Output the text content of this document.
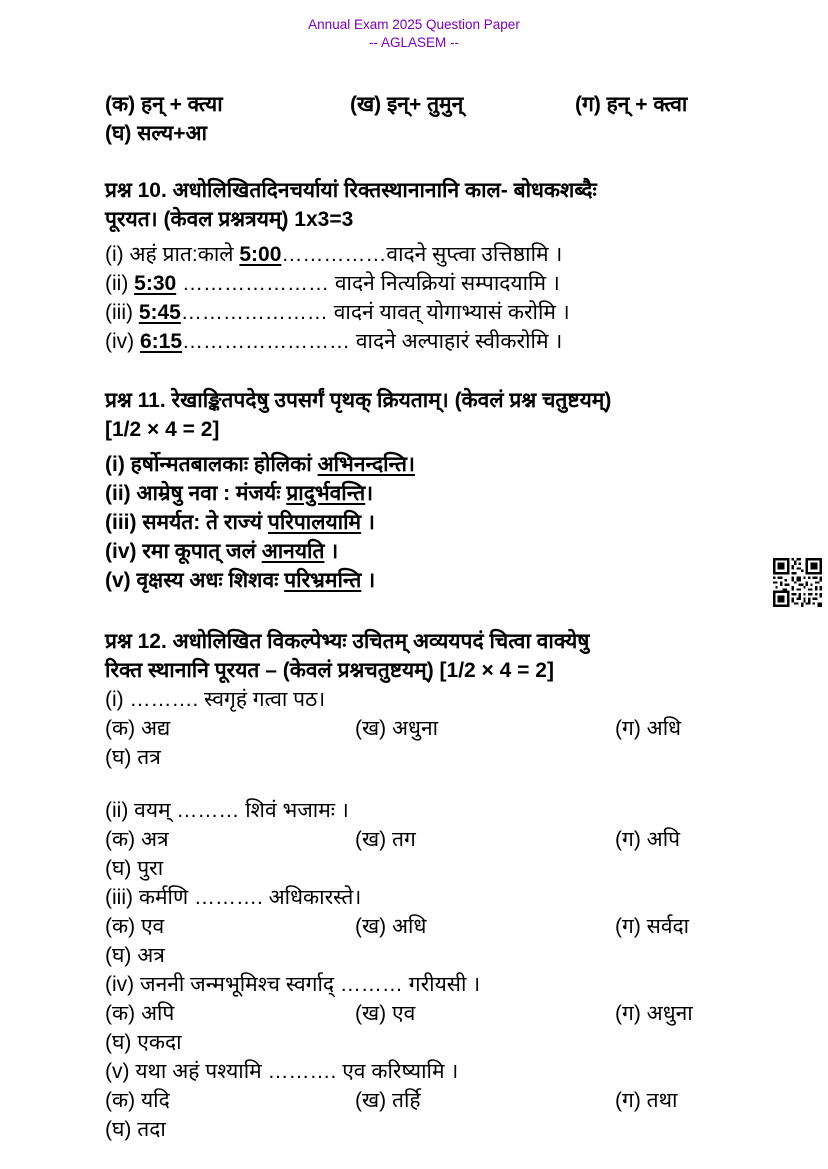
Annual Exam 2025 Question Paper
-- AGLASEM --
(क) हन् + क्त्या	(ख) इन्+ तुमुन्	(ग) हन् + क्त्वा
(घ) सल्य+आ
प्रश्न 10. अधोलिखितदिनचर्यायां रिक्तस्थानानानि काल- बोधकशब्दैः
पूरयत। (केवल प्रश्नत्रयम्) 1x3=3
(i) अहं प्रात:काले 5:00……………वादने सुप्त्वा उत्तिष्ठामि ।
(ii) 5:30 ………………… वादने नित्यक्रियां सम्पादयामि ।
(iii) 5:45………………… वादनं यावत् योगाभ्यासं करोमि ।
(iv) 6:15…………………… वादने अल्पाहारं स्वीकरोमि ।
प्रश्न 11. रेखाङ्कितपदेषु उपसर्गं पृथक् क्रियताम्। (केवलं प्रश्न चतुष्टयम्)
[1/2 × 4 = 2]
(i) हर्षोन्मतबालकाः होलिकां अभिनन्दन्ति।
(ii) आम्रेषु नवा : मंजर्यः प्रादुर्भवन्ति।
(iii) समर्यत: ते राज्यं परिपालयामि ।
(iv) रमा कूपात् जलं आनयति ।
(v) वृक्षस्य अधः शिशवः परिभ्रमन्ति ।
प्रश्न 12. अधोलिखित विकल्पेभ्यः उचितम् अव्ययपदं चित्वा वाक्येषु
रिक्त स्थानानि पूरयत – (केवलं प्रश्नचतुष्टयम्) [1/2 × 4 = 2]
(i) ………. स्वगृहं गत्वा पठ।
(क) अद्य	(ख) अधुना	(ग) अधि
(घ) तत्र
(ii) वयम् ……… शिवं भजामः ।
(क) अत्र	(ख) तग	(ग) अपि
(घ) पुरा
(iii) कर्मणि ………. अधिकारस्ते।
(क) एव	(ख) अधि	(ग) सर्वदा
(घ) अत्र
(iv) जननी जन्मभूमिश्च स्वर्गाद् ……… गरीयसी ।
(क) अपि	(ख) एव	(ग) अधुना
(घ) एकदा
(v) यथा अहं पश्यामि ………. एव करिष्यामि ।
(क) यदि	(ख) तर्हि	(ग) तथा
(घ) तदा
